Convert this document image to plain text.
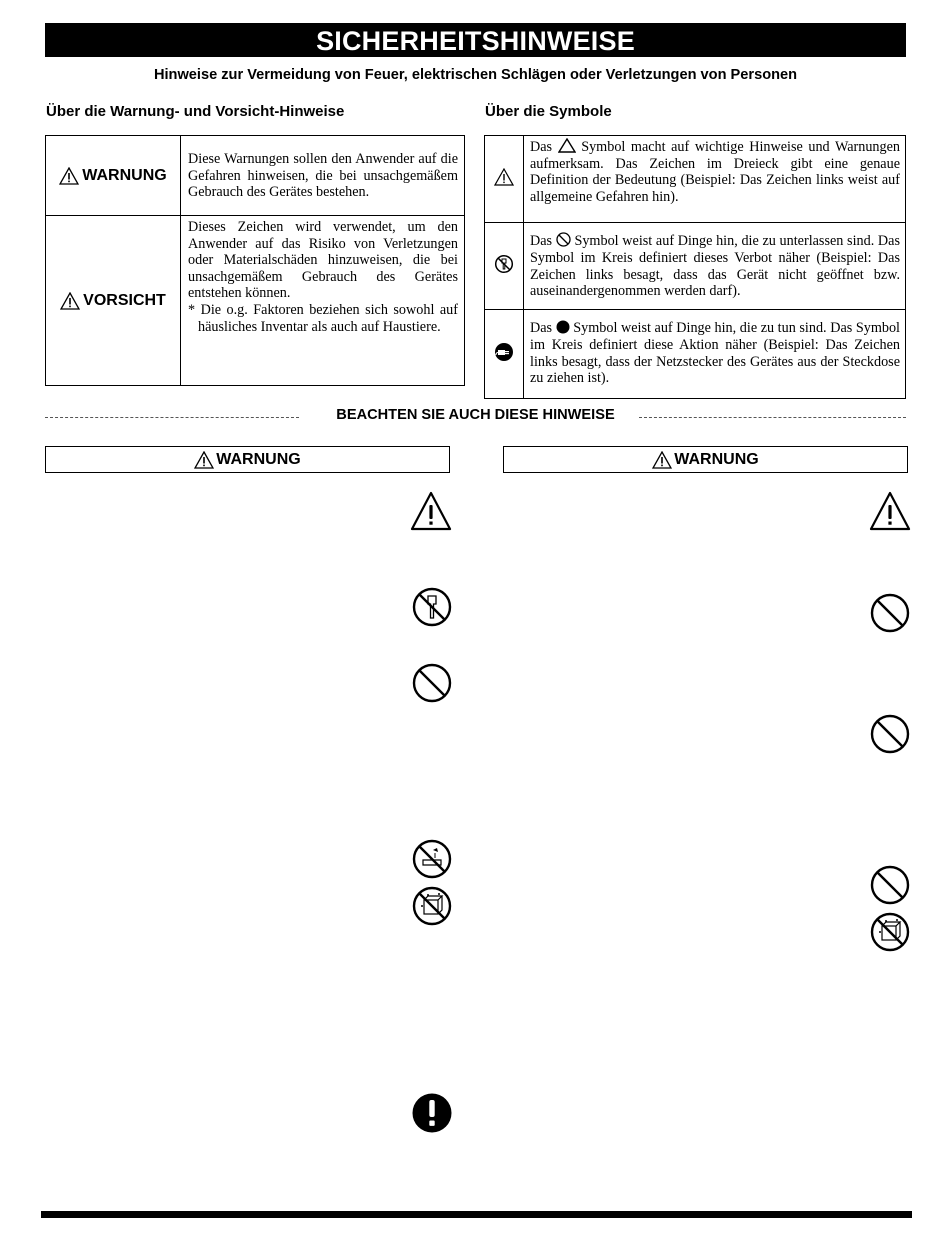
SICHERHEITSHINWEISE
Hinweise zur Vermeidung von Feuer, elektrischen Schlägen oder Verletzungen von Personen
Über die Warnung- und Vorsicht-Hinweise	Über die Symbole
WARNUNG	Diese Warnungen sollen den Anwender auf die Gefahren hinweisen, die bei unsachgemäßem Gebrauch des Gerätes bestehen.

VORSICHT	Dieses Zeichen wird verwendet, um den Anwender auf das Risiko von Verletzungen oder Materialschäden hinzuweisen, die bei unsachgemäßem Gebrauch des Gerätes entstehen können.
* Die o.g. Faktoren beziehen sich sowohl auf häusliches Inventar als auch auf Haustiere.

Das Symbol macht auf wichtige Hinweise und Warnungen aufmerksam. Das Zeichen im Dreieck gibt eine genaue Definition der Bedeutung (Beispiel: Das Zeichen links weist auf allgemeine Gefahren hin).

Das Symbol weist auf Dinge hin, die zu unterlassen sind. Das Symbol im Kreis definiert dieses Verbot näher (Beispiel: Das Zeichen links besagt, dass das Gerät nicht geöffnet bzw. auseinandergenommen werden darf).

Das Symbol weist auf Dinge hin, die zu tun sind. Das Symbol im Kreis definiert diese Aktion näher (Beispiel: Das Zeichen links besagt, dass der Netzstecker des Gerätes aus der Steckdose zu ziehen ist).
BEACHTEN SIE AUCH DIESE HINWEISE
WARNUNG	WARNUNG
